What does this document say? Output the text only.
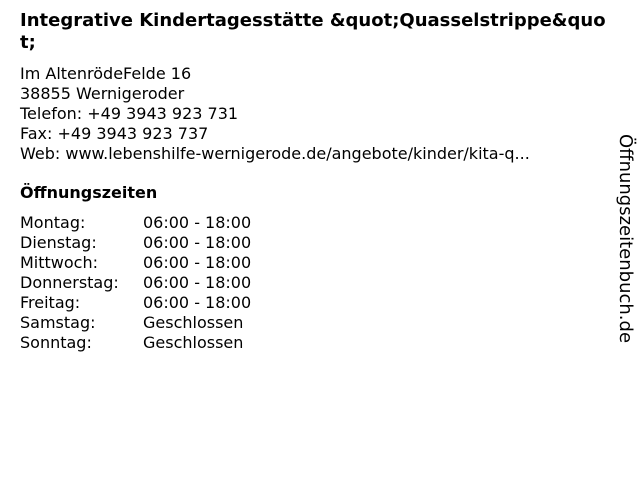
Integrative Kindertagesstätte &quot;Quasselstrippe&quot;
Im AltenrödeFelde 16
38855 Wernigeroder
Telefon: +49 3943 923 731
Fax: +49 3943 923 737
Web: www.lebenshilfe-wernigerode.de/angebote/kinder/kita-q...
Öffnungszeiten
Montag:	06:00 - 18:00
Dienstag:	06:00 - 18:00
Mittwoch:	06:00 - 18:00
Donnerstag: 06:00 - 18:00
Freitag:	06:00 - 18:00
Samstag:	Geschlossen
Sonntag:	Geschlossen	Öffnungszeitenbuch.de
